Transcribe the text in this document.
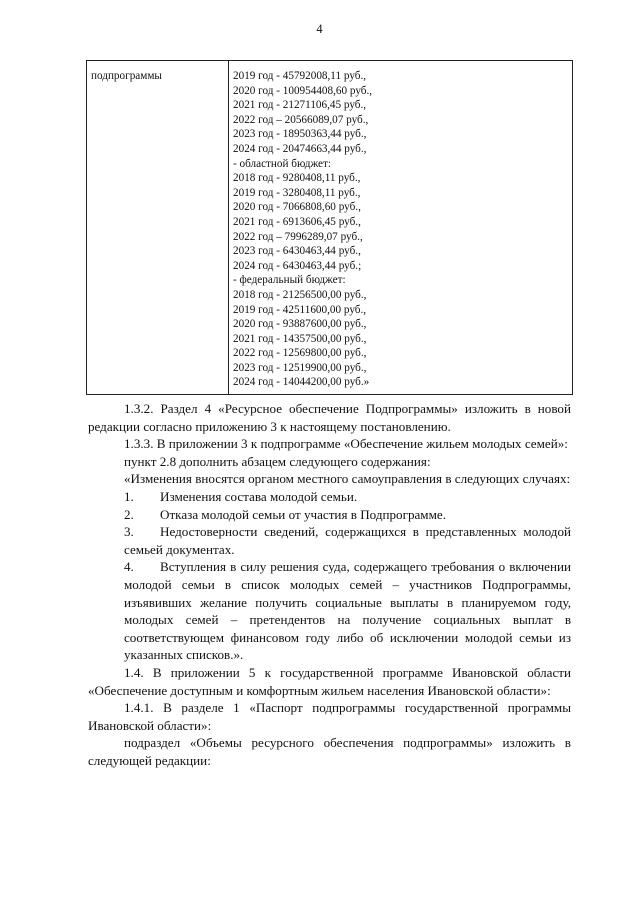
4
подпрограммы	2019 год - 45792008,11 руб.,
2020 год - 100954408,60 руб.,
2021 год - 21271106,45 руб.,
2022 год – 20566089,07 руб.,
2023 год - 18950363,44 руб.,
2024 год - 20474663,44 руб.,
- областной бюджет:
2018 год - 9280408,11 руб.,
2019 год - 3280408,11 руб.,
2020 год - 7066808,60 руб.,
2021 год - 6913606,45 руб.,
2022 год – 7996289,07 руб.,
2023 год - 6430463,44 руб.,
2024 год - 6430463,44 руб.;
- федеральный бюджет:
2018 год - 21256500,00 руб.,
2019 год - 42511600,00 руб.,
2020 год - 93887600,00 руб.,
2021 год - 14357500,00 руб.,
2022 год - 12569800,00 руб.,
2023 год - 12519900,00 руб.,
2024 год - 14044200,00 руб.»

1.3.2. Раздел 4 «Ресурсное обеспечение Подпрограммы» изложить в новой редакции согласно приложению 3 к настоящему постановлению.

1.3.3. В приложении 3 к подпрограмме «Обеспечение жильем молодых семей»:

пункт 2.8 дополнить абзацем следующего содержания:

«Изменения вносятся органом местного самоуправления в следующих случаях:

1. Изменения состава молодой семьи.

2. Отказа молодой семьи от участия в Подпрограмме.

3. Недостоверности сведений, содержащихся в представленных молодой семьей документах.

4. Вступления в силу решения суда, содержащего требования о включении молодой семьи в список молодых семей – участников Подпрограммы, изъявивших желание получить социальные выплаты в планируемом году, молодых семей – претендентов на получение социальных выплат в соответствующем финансовом году либо об исключении молодой семьи из указанных списков.».

1.4. В приложении 5 к государственной программе Ивановской области «Обеспечение доступным и комфортным жильем населения Ивановской области»:

1.4.1. В разделе 1 «Паспорт подпрограммы государственной программы Ивановской области»:

подраздел «Объемы ресурсного обеспечения подпрограммы» изложить в следующей редакции:
